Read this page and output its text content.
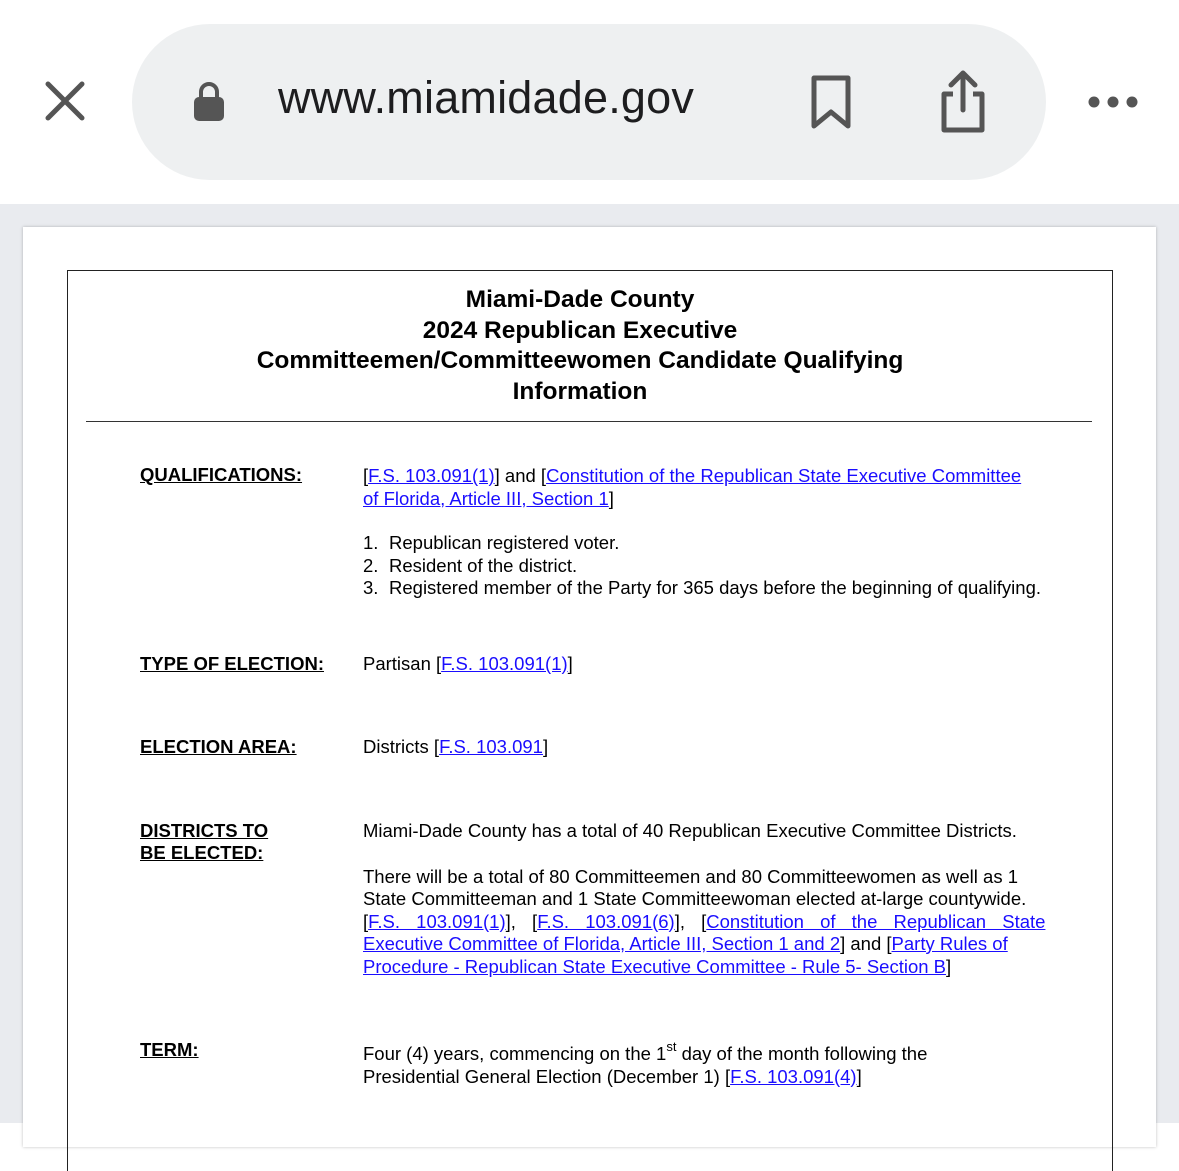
www.miamidade.gov
Miami-Dade County
2024 Republican Executive
Committeemen/Committeewomen Candidate Qualifying
Information
QUALIFICATIONS:	[F.S. 103.091(1)] and [Constitution of the Republican State Executive Committee
of Florida, Article III, Section 1]

1. Republican registered voter.
2. Resident of the district.
3. Registered member of the Party for 365 days before the beginning of qualifying.
TYPE OF ELECTION: Partisan [F.S. 103.091(1)]
ELECTION AREA:	Districts [F.S. 103.091]
DISTRICTS TO
BE ELECTED:

Miami-Dade County has a total of 40 Republican Executive Committee Districts.

There will be a total of 80 Committeemen and 80 Committeewomen as well as 1
State Committeeman and 1 State Committeewoman elected at-large countywide.
[F.S. 103.091(1)], [F.S. 103.091(6)], [Constitution of the Republican State
Executive Committee of Florida, Article III, Section 1 and 2] and [Party Rules of
Procedure - Republican State Executive Committee - Rule 5- Section B]

TERM:	Four (4) years, commencing on the 1st day of the month following the
Presidential General Election (December 1) [F.S. 103.091(4)]
